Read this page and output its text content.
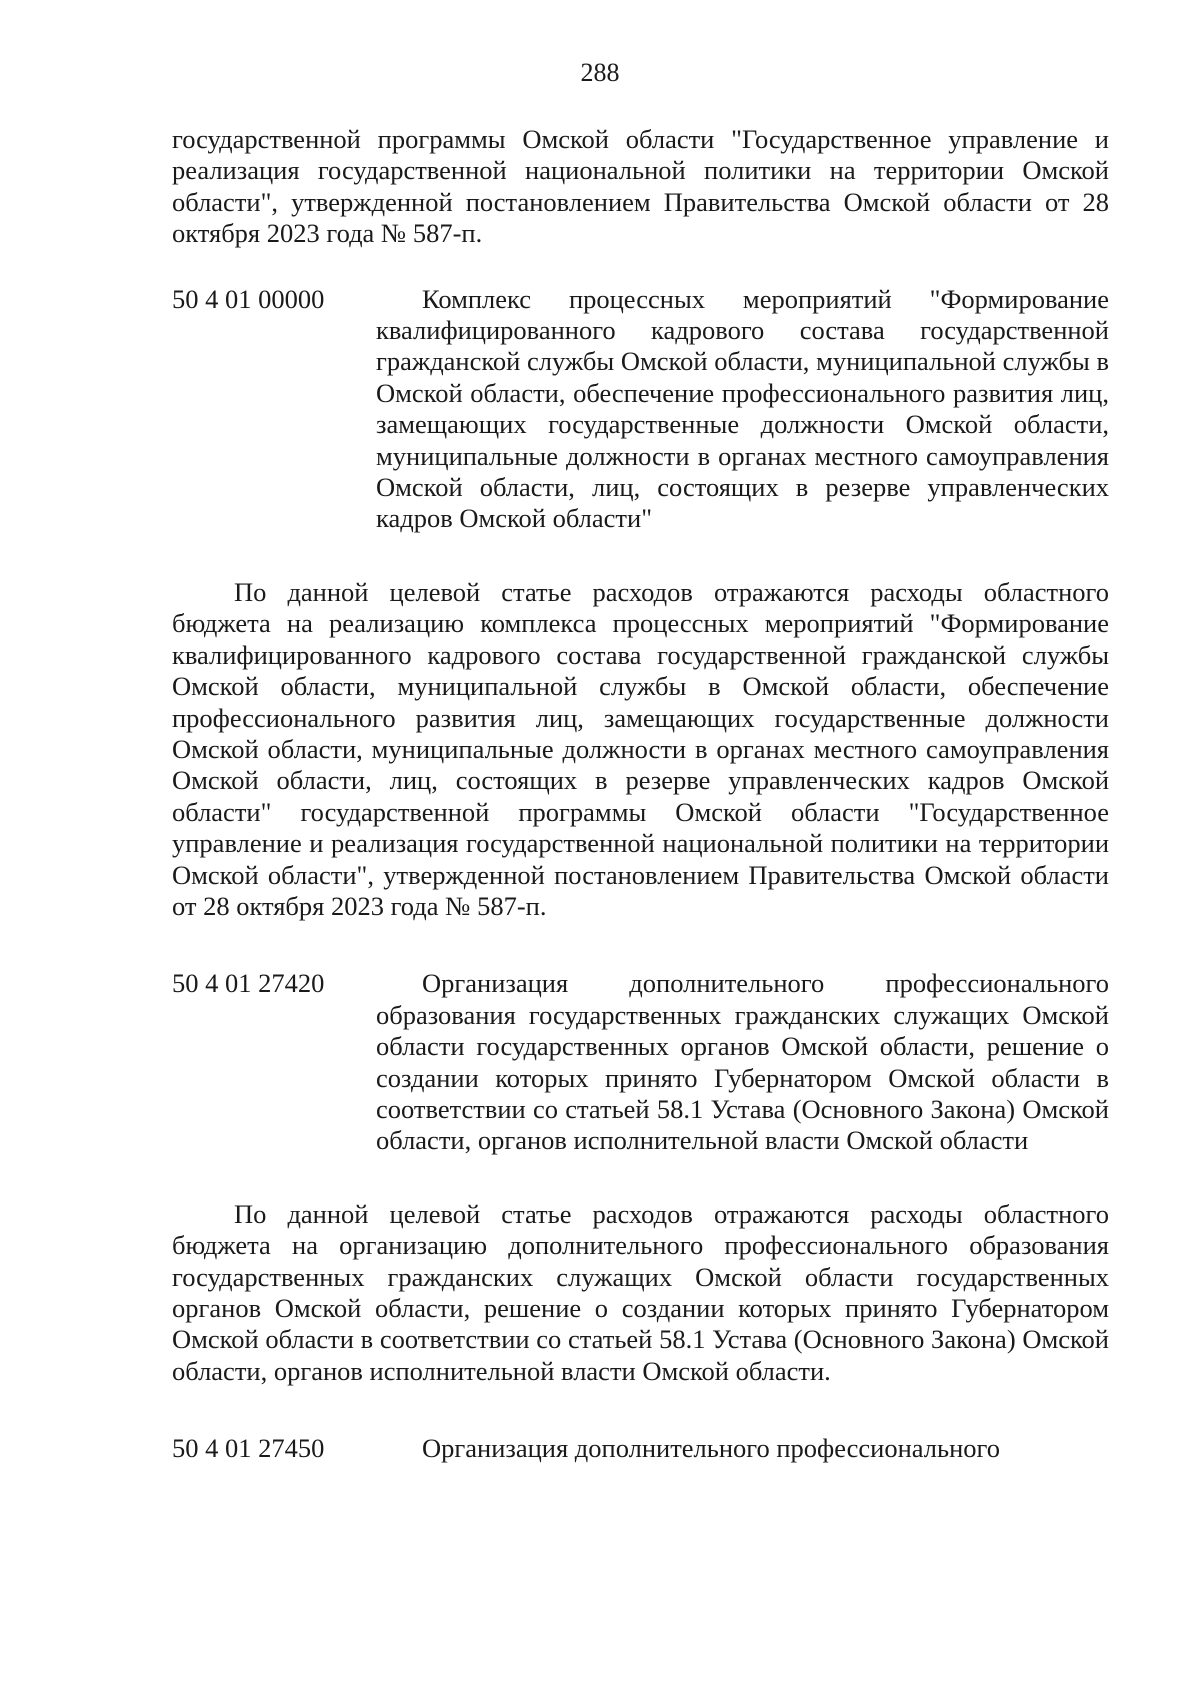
288

государственной программы Омской области "Государственное управление и реализация государственной национальной политики на территории Омской области", утвержденной постановлением Правительства Омской области от 28 октября 2023 года № 587-п.

50 4 01 00000	Комплекс процессных мероприятий "Формирование квалифицированного кадрового состава государственной гражданской службы Омской области, муниципальной службы в Омской области, обеспечение профессионального развития лиц, замещающих государственные должности Омской области, муниципальные должности в органах местного самоуправления Омской области, лиц, состоящих в резерве управленческих кадров Омской области"

По данной целевой статье расходов отражаются расходы областного бюджета на реализацию комплекса процессных мероприятий "Формирование квалифицированного кадрового состава государственной гражданской службы Омской области, муниципальной службы в Омской области, обеспечение профессионального развития лиц, замещающих государственные должности Омской области, муниципальные должности в органах местного самоуправления Омской области, лиц, состоящих в резерве управленческих кадров Омской области" государственной программы Омской области "Государственное управление и реализация государственной национальной политики на территории Омской области", утвержденной постановлением Правительства Омской области от 28 октября 2023 года № 587-п.

50 4 01 27420	Организация дополнительного профессионального образования государственных гражданских служащих Омской области государственных органов Омской области, решение о создании которых принято Губернатором Омской области в соответствии со статьей 58.1 Устава (Основного Закона) Омской области, органов исполнительной власти Омской области

По данной целевой статье расходов отражаются расходы областного бюджета на организацию дополнительного профессионального образования государственных гражданских служащих Омской области государственных органов Омской области, решение о создании которых принято Губернатором Омской области в соответствии со статьей 58.1 Устава (Основного Закона) Омской области, органов исполнительной власти Омской области.

50 4 01 27450	Организация дополнительного профессионального
